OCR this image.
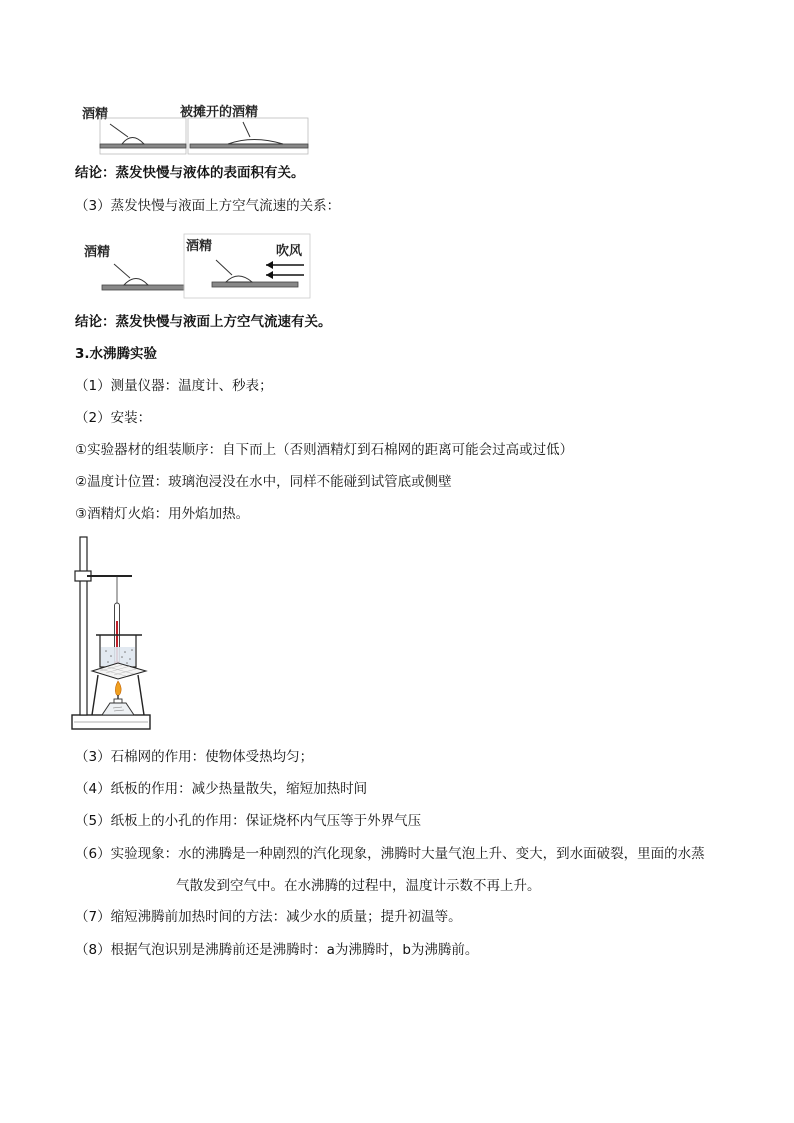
酒精	被摊开的酒精
结论：蒸发快慢与液体的表面积有关。
（3）蒸发快慢与液面上方空气流速的关系：
酒精	酒精	吹风
结论：蒸发快慢与液面上方空气流速有关。
3.水沸腾实验
（1）测量仪器：温度计、秒表；
（2）安装：
①实验器材的组装顺序：自下而上（否则酒精灯到石棉网的距离可能会过高或过低）
②温度计位置：玻璃泡浸没在水中，同样不能碰到试管底或侧壁
③酒精灯火焰：用外焰加热。
（3）石棉网的作用：使物体受热均匀；
（4）纸板的作用：减少热量散失，缩短加热时间
（5）纸板上的小孔的作用：保证烧杯内气压等于外界气压
（6）实验现象：水的沸腾是一种剧烈的汽化现象，沸腾时大量气泡上升、变大，到水面破裂，里面的水蒸
气散发到空气中。在水沸腾的过程中，温度计示数不再上升。
（7）缩短沸腾前加热时间的方法：减少水的质量；提升初温等。
（8）根据气泡识别是沸腾前还是沸腾时：a为沸腾时，b为沸腾前。
